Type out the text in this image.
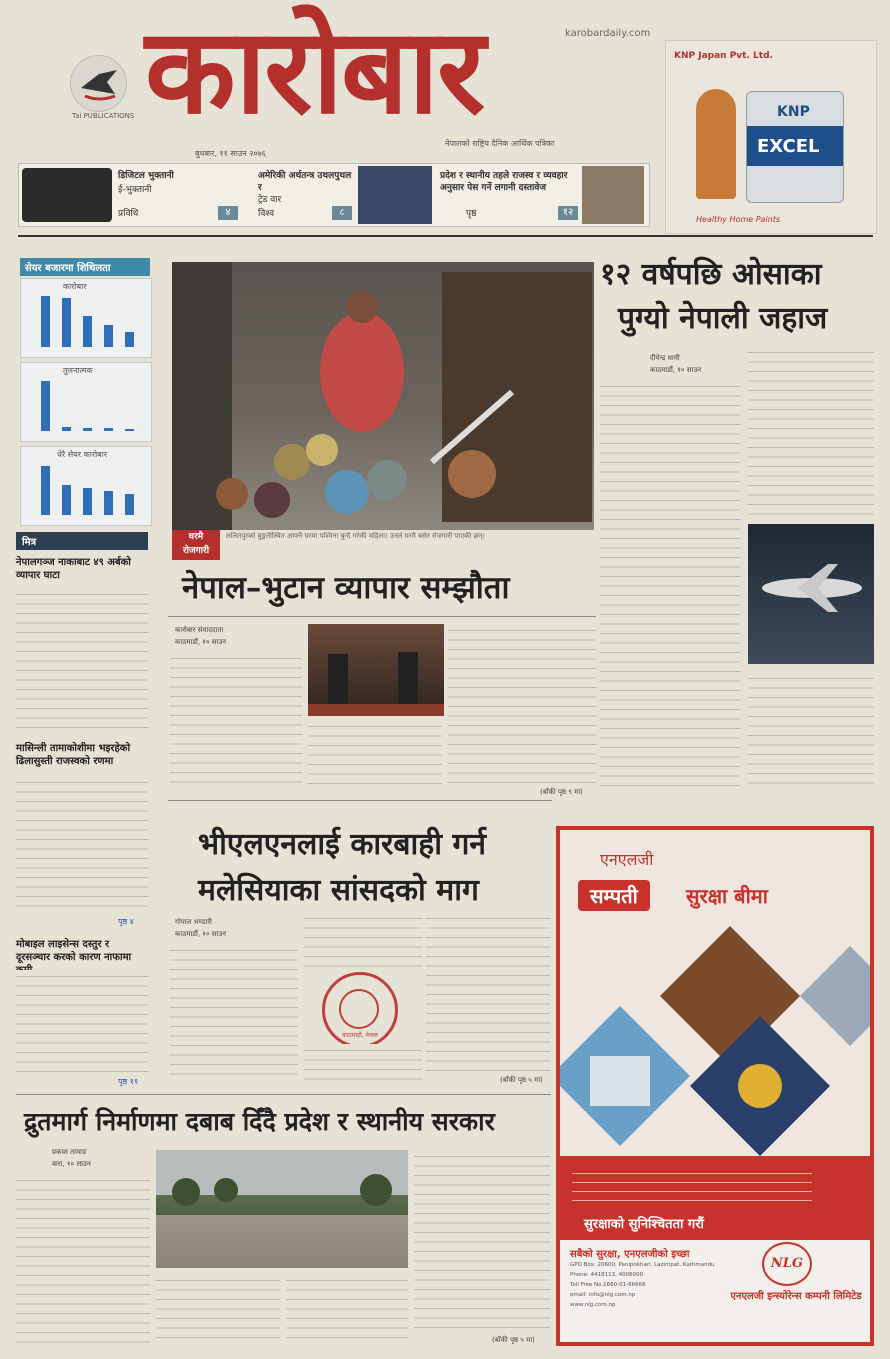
Tai PUBLICATIONS कारोबार	karobardaily.com
बुधबार, ११ साउन २०७६
नेपालको राष्ट्रिय दैनिक आर्थिक पत्रिका
KNP Japan Pvt. Ltd.
KNP
EXCEL
Healthy Home Paints
डिजिटल भुक्तानी
ई-भुक्तानी
प्रविधि	४
अमेरिकी अर्थतन्त्र उथलपुथल र
ट्रेड वार
विश्व	८
प्रदेश र स्थानीय तहले राजस्व र व्यवहार अनुसार पेस गर्ने लगानी दस्तावेज
पृष्ठ	१२
सेयर बजारमा शिथिलता
कारोबार
तुलनात्मक
धेरै सेयर कारोबार
मित्र
नेपालगञ्ज नाकाबाट ४९ अर्बको व्यापार घाटा
मासिन्ली तामाकोशीमा भइरहेको ढिलासुस्ती राजस्वको रणमा
पृष्ठ ४
मोबाइल लाइसेन्स दस्तुर र दूरसञ्चार करको कारण नाफामा
पृष्ठ ११
घरमै
रोजगारी
ललितपुरको बुङ्मतीस्थित आफ्नै घरमा पश्मिना बुन्दै गरेकी महिला। उनले घरमै बसेर रोजगारी पाएकी छन्।
१२ वर्षपछि ओसाका
पुग्यो नेपाली जहाज
दीपेन्द्र धामी
काठमाडौं, १० साउन
नेपाल–भुटान व्यापार सम्झौता
कारोबार संवाददाता
काठमाडौं, १० साउन
(बाँकी पृष्ठ ९ मा)
भीएलएनलाई कारबाही गर्न
मलेसियाका सांसदको माग
गोपाल भण्डारी
काठमाडौं, १० साउन
काठमाडौं, नेपाल
(बाँकी पृष्ठ ५ मा)
द्रुतमार्ग निर्माणमा दबाब दिँदै प्रदेश र स्थानीय सरकार
प्रकाश तामाङ
बारा, १० साउन
(बाँकी पृष्ठ ५ मा)
एनएलजी
सम्पती	सुरक्षा बीमा
सुरक्षाको सुनिश्चितता गरौं
सबैको सुरक्षा, एनएलजीको इच्छा
GPO Box: 20600, Panipokhari, Lazimpat, Kathmandu
Phone: 4418113, 4006000
Toll Free No.1660-01-66666
email: info@nlg.com.np
www.nlg.com.np
NLG
एनएलजी इन्स्योरेन्स कम्पनी लिमिटेड
